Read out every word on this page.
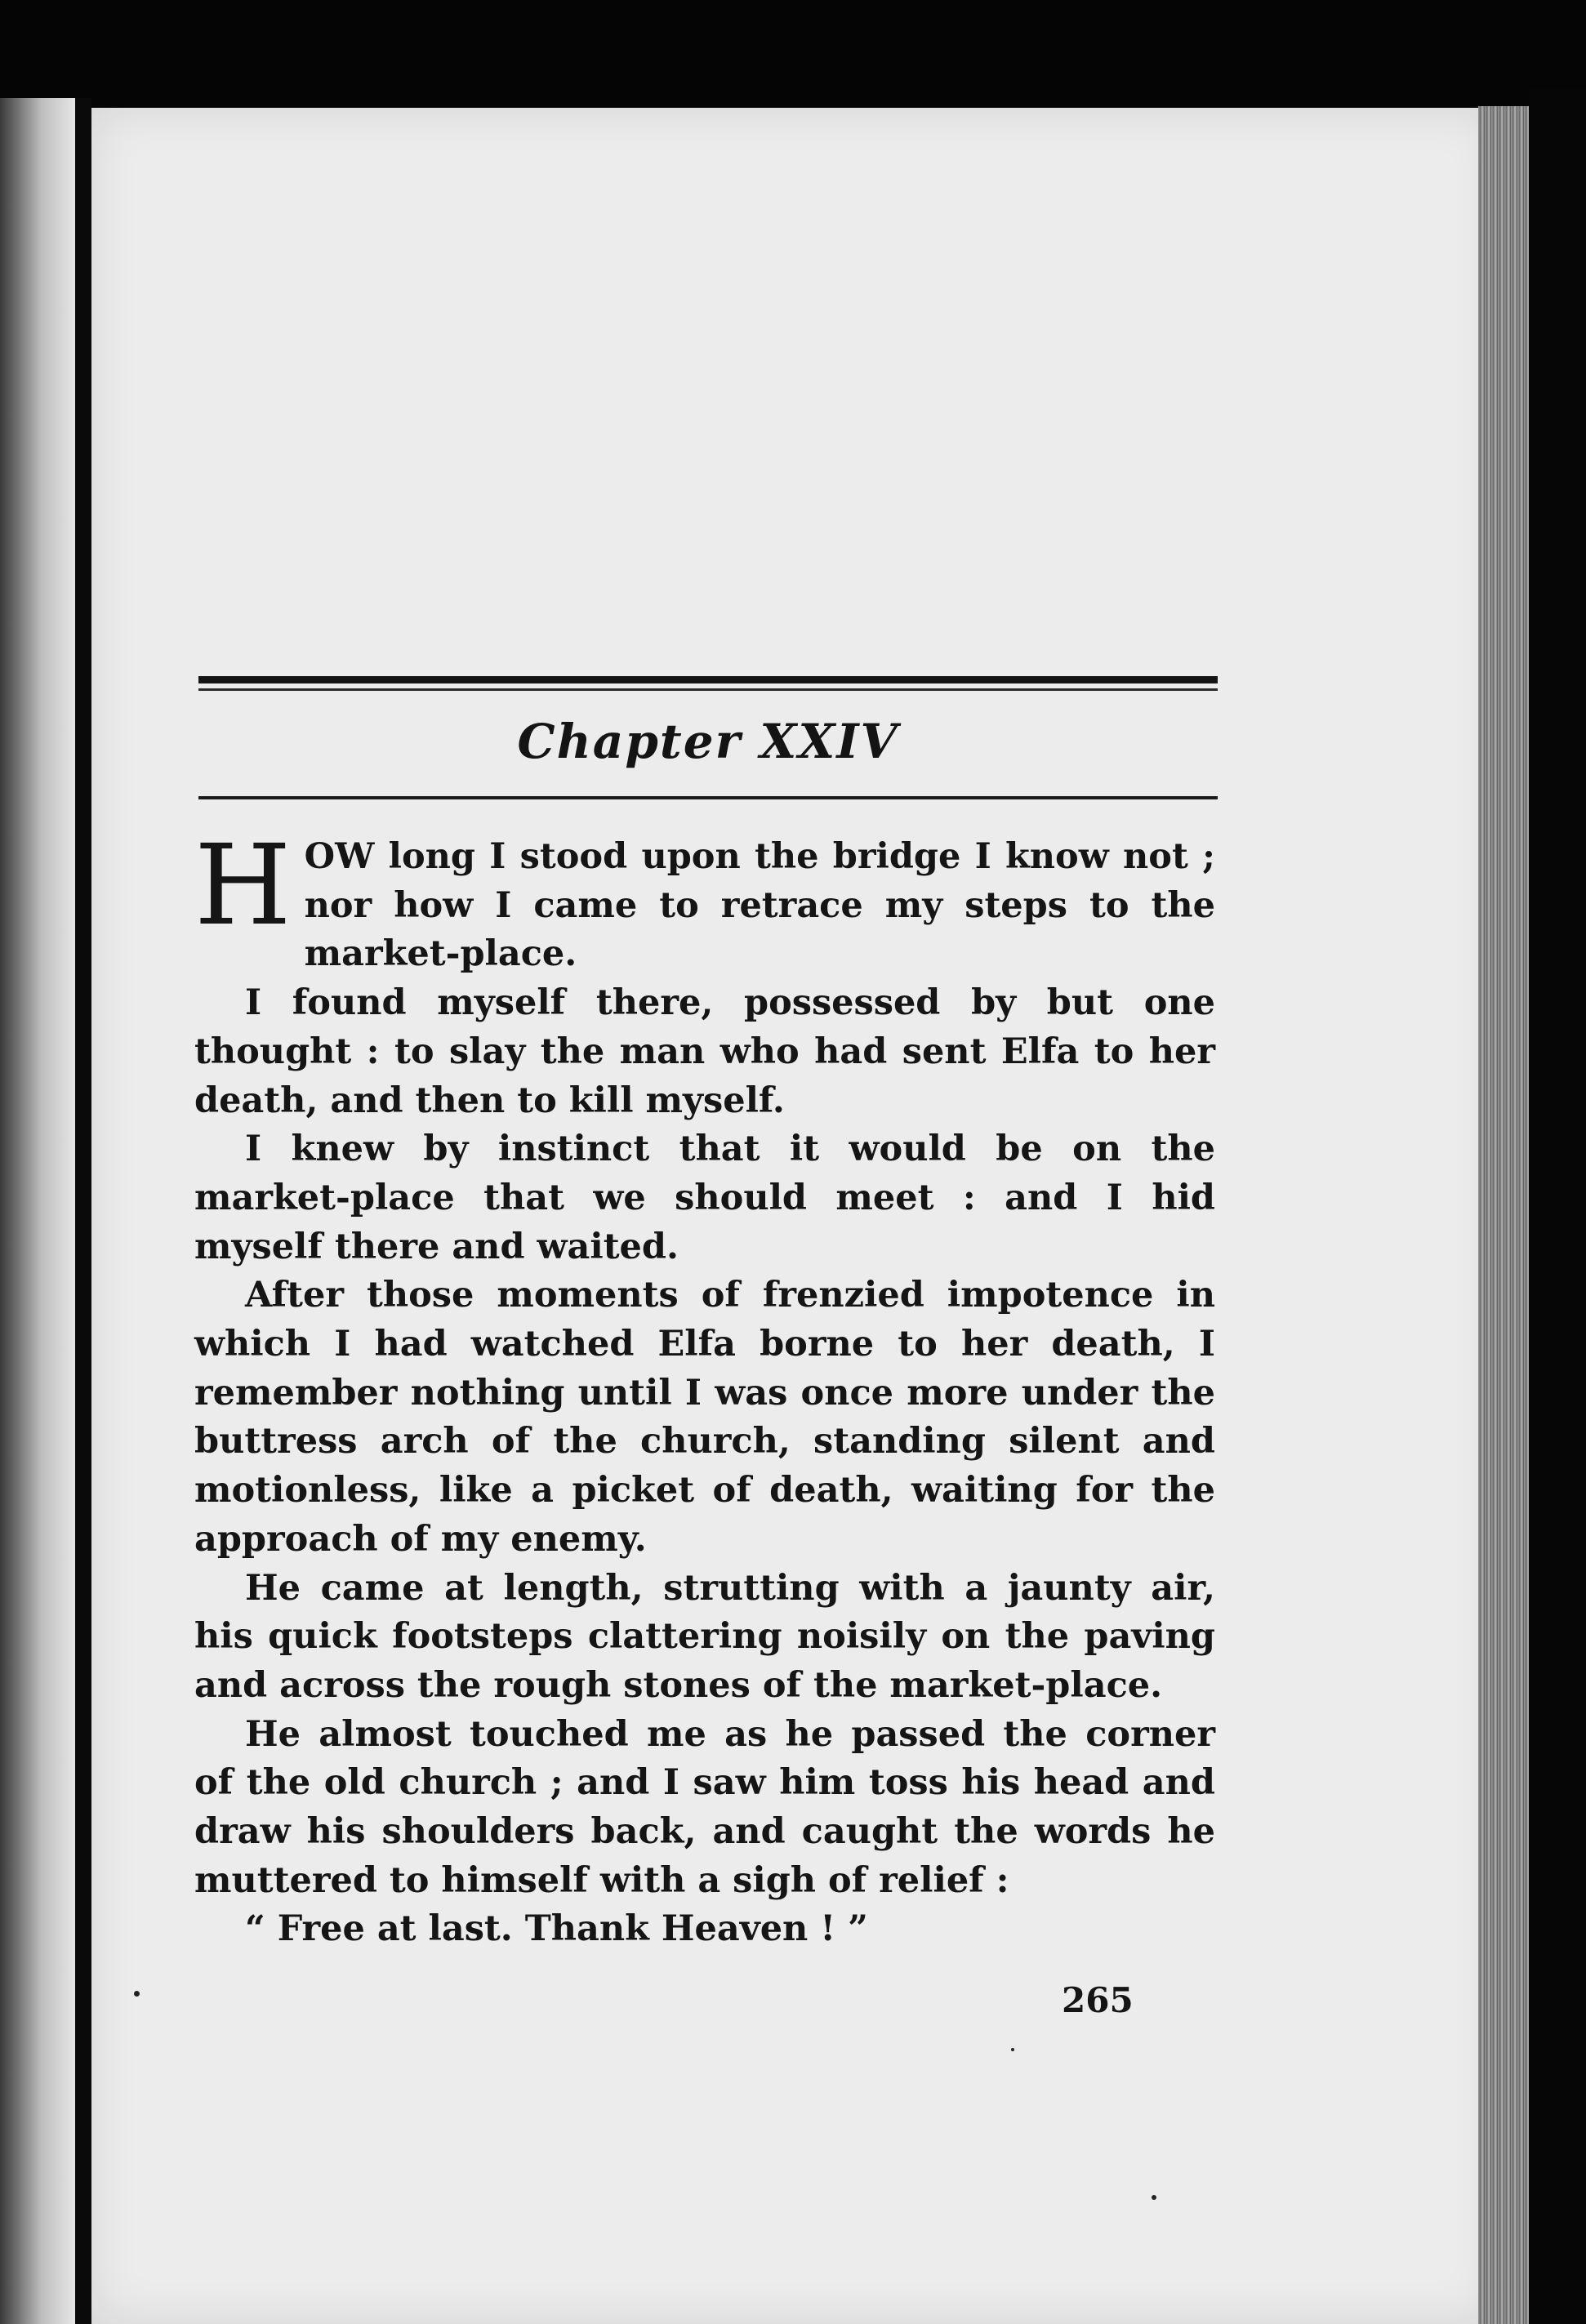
Chapter XXIV

HOW long I stood upon the bridge I know not ; nor how I came to retrace my steps to the market-place.

I found myself there, possessed by but one thought : to slay the man who had sent Elfa to her death, and then to kill myself.

I knew by instinct that it would be on the market-place that we should meet : and I hid myself there and waited.

After those moments of frenzied impotence in which I had watched Elfa borne to her death, I remember nothing until I was once more under the buttress arch of the church, standing silent and motionless, like a picket of death, waiting for the approach of my enemy.

He came at length, strutting with a jaunty air, his quick footsteps clattering noisily on the paving and across the rough stones of the market-place.

He almost touched me as he passed the corner of the old church ; and I saw him toss his head and draw his shoulders back, and caught the words he muttered to himself with a sigh of relief :

“ Free at last. Thank Heaven ! ”

265
